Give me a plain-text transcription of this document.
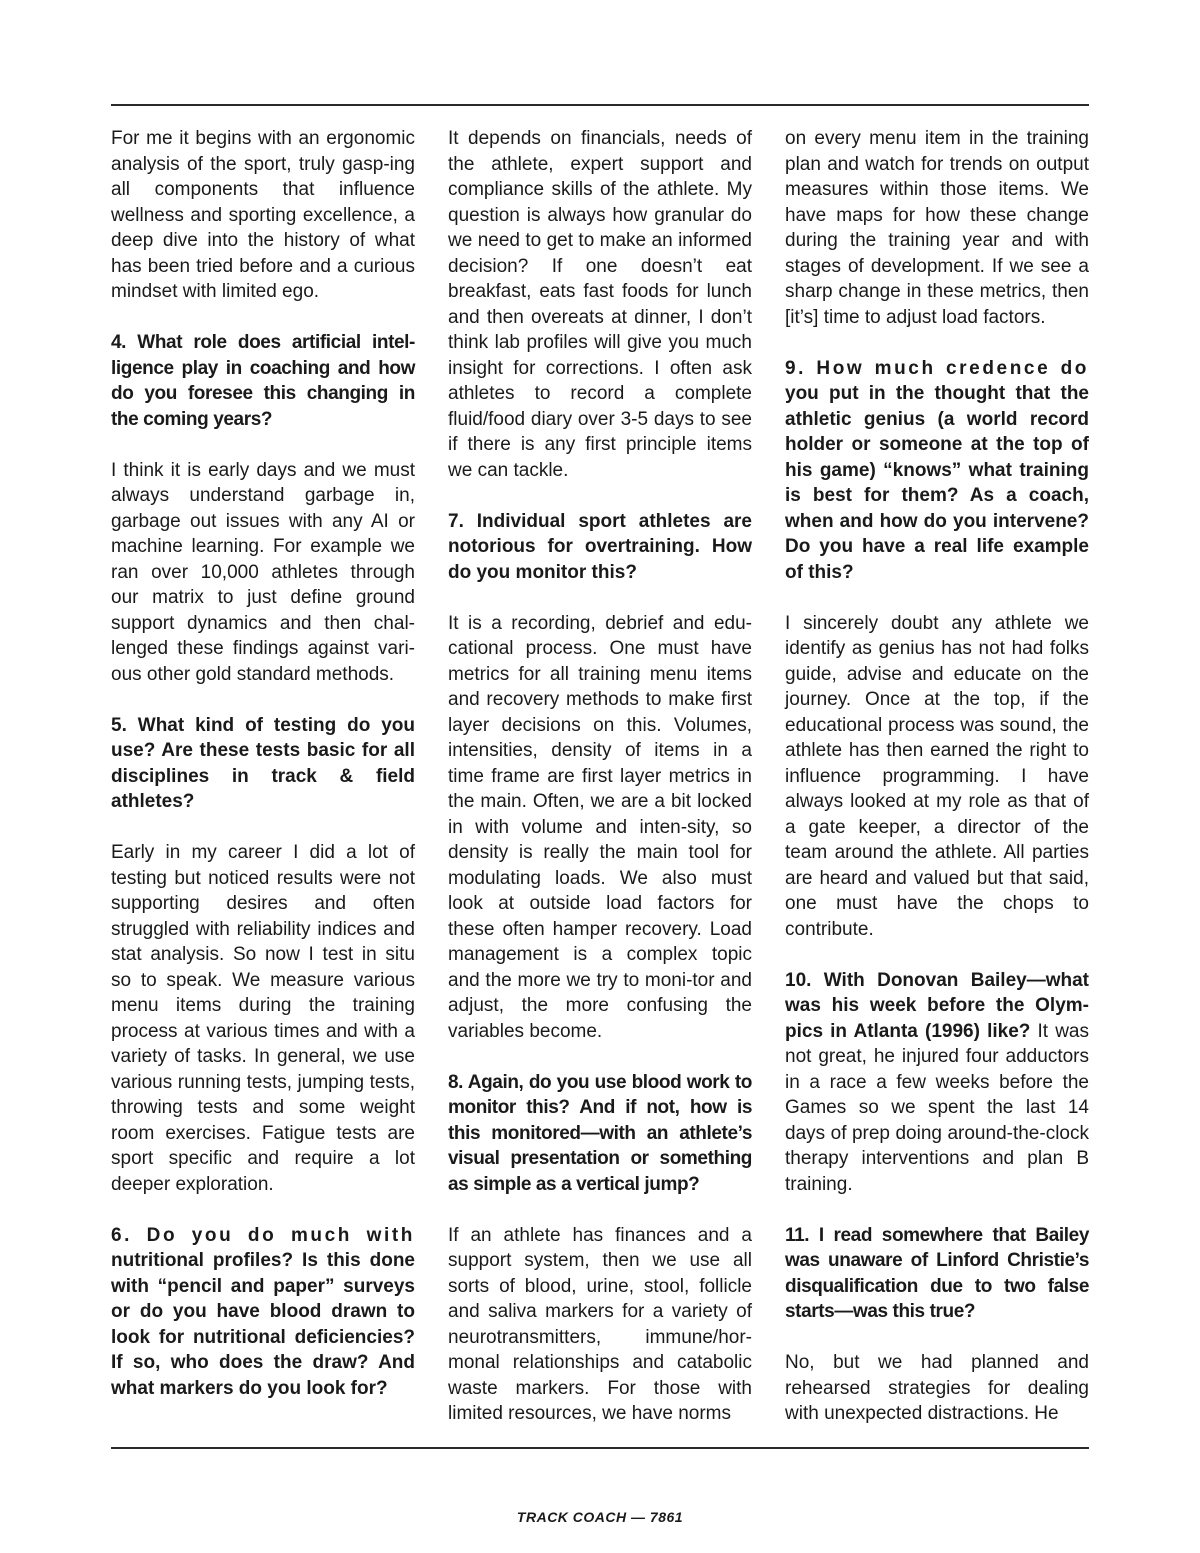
For me it begins with an ergonomic analysis of the sport, truly gasp-ing all components that influence wellness and sporting excellence, a deep dive into the history of what has been tried before and a curious mindset with limited ego.

4. What role does artificial intel-ligence play in coaching and how do you foresee this changing in the coming years?

I think it is early days and we must always understand garbage in, garbage out issues with any AI or machine learning. For example we ran over 10,000 athletes through our matrix to just define ground support dynamics and then chal-lenged these findings against vari-ous other gold standard methods.

5. What kind of testing do you use? Are these tests basic for all disciplines in track & field athletes?

Early in my career I did a lot of testing but noticed results were not supporting desires and often struggled with reliability indices and stat analysis. So now I test in situ so to speak. We measure various menu items during the training process at various times and with a variety of tasks. In general, we use various running tests, jumping tests, throwing tests and some weight room exercises. Fatigue tests are sport specific and require a lot deeper exploration.

6. Do you do much with nutritional profiles? Is this done with “pencil and paper” surveys or do you have blood drawn to look for nutritional deficiencies? If so, who does the draw? And what markers do you look for?

It depends on financials, needs of the athlete, expert support and compliance skills of the athlete. My question is always how granular do we need to get to make an informed decision? If one doesn’t eat breakfast, eats fast foods for lunch and then overeats at dinner, I don’t think lab profiles will give you much insight for corrections. I often ask athletes to record a complete fluid/food diary over 3-5 days to see if there is any first principle items we can tackle.

7. Individual sport athletes are notorious for overtraining. How do you monitor this?

It is a recording, debrief and edu-cational process. One must have metrics for all training menu items and recovery methods to make first layer decisions on this. Volumes, intensities, density of items in a time frame are first layer metrics in the main. Often, we are a bit locked in with volume and inten-sity, so density is really the main tool for modulating loads. We also must look at outside load factors for these often hamper recovery. Load management is a complex topic and the more we try to moni-tor and adjust, the more confusing the variables become.

8. Again, do you use blood work to monitor this? And if not, how is this monitored—with an athlete’s visual presentation or something as simple as a vertical jump?

If an athlete has finances and a support system, then we use all sorts of blood, urine, stool, follicle and saliva markers for a variety of neurotransmitters, immune/hor-monal relationships and catabolic waste markers. For those with limited resources, we have norms

on every menu item in the training plan and watch for trends on output measures within those items. We have maps for how these change during the training year and with stages of development. If we see a sharp change in these metrics, then [it’s] time to adjust load factors.

9. How much credence do you put in the thought that the athletic genius (a world record holder or someone at the top of his game) “knows” what training is best for them? As a coach, when and how do you intervene? Do you have a real life example of this?

I sincerely doubt any athlete we identify as genius has not had folks guide, advise and educate on the journey. Once at the top, if the educational process was sound, the athlete has then earned the right to influence programming. I have always looked at my role as that of a gate keeper, a director of the team around the athlete. All parties are heard and valued but that said, one must have the chops to contribute.

10. With Donovan Bailey—what was his week before the Olym-pics in Atlanta (1996) like? It was not great, he injured four adductors in a race a few weeks before the Games so we spent the last 14 days of prep doing around-the-clock therapy interventions and plan B training.

11. I read somewhere that Bailey was unaware of Linford Christie’s disqualification due to two false starts—was this true?

No, but we had planned and rehearsed strategies for dealing with unexpected distractions. He

TRACK COACH — 7861
